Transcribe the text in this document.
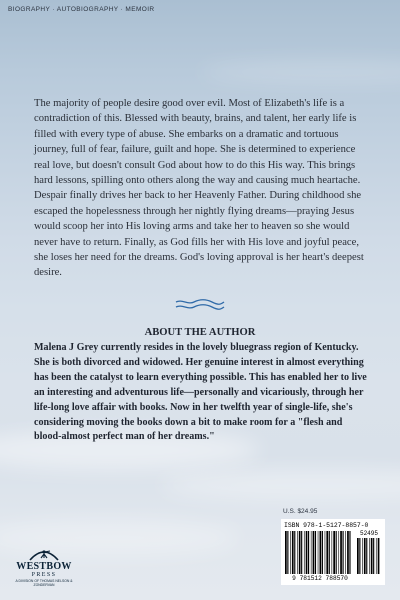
BIOGRAPHY · AUTOBIOGRAPHY · MEMOIR

The majority of people desire good over evil. Most of Elizabeth's life is a contradiction of this. Blessed with beauty, brains, and talent, her early life is filled with every type of abuse. She embarks on a dramatic and tortuous journey, full of fear, failure, guilt and hope. She is determined to experience real love, but doesn't consult God about how to do this His way. This brings hard lessons, spilling onto others along the way and causing much heartache. Despair finally drives her back to her Heavenly Father. During childhood she escaped the hopelessness through her nightly flying dreams—praying Jesus would scoop her into His loving arms and take her to heaven so she would never have to return. Finally, as God fills her with His love and joyful peace, she loses her need for the dreams. God's loving approval is her heart's deepest desire.

ABOUT THE AUTHOR

Malena J Grey currently resides in the lovely bluegrass region of Kentucky. She is both divorced and widowed. Her genuine interest in almost everything has been the catalyst to learn everything possible. This has enabled her to live an interesting and adventurous life—personally and vicariously, through her life-long love affair with books. Now in her twelfth year of single-life, she's considering moving the books down a bit to make room for a "flesh and blood-almost perfect man of her dreams."

U.S. $24.95
ISBN 978-1-5127-8857-0
52495
9 781512 788570
WESTBOW
PRESS
A DIVISION OF THOMAS NELSON & ZONDERVAN
